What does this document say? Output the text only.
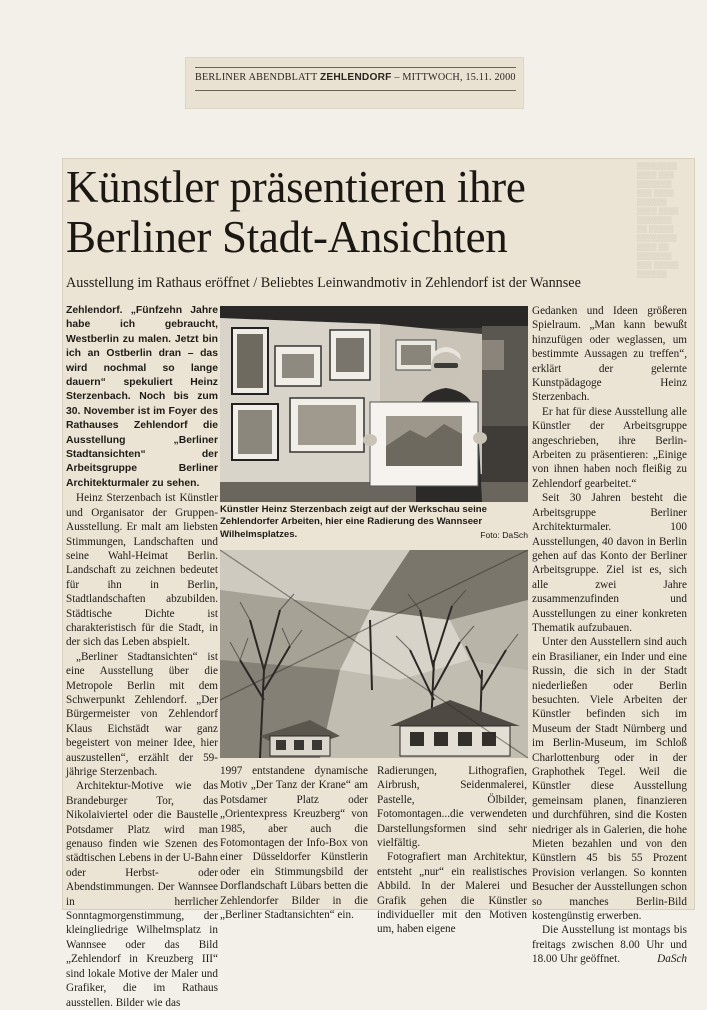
BERLINER ABENDBLATT ZEHLENDORF – MITTWOCH, 15.11. 2000
▒▒▒▒▒▒▒▒
▒▒▒▒ ▒▒▒
▒▒▒▒▒▒▒
▒▒▒ ▒▒▒▒
▒▒▒▒▒▒
▒▒▒▒ ▒▒▒▒
▒▒▒▒▒▒▒
▒▒ ▒▒▒▒▒
▒▒▒▒▒▒▒▒
▒▒▒▒ ▒▒
▒▒▒▒▒▒▒
▒▒▒ ▒▒▒▒▒
▒▒▒▒▒▒
Künstler präsentieren ihre
Berliner Stadt-Ansichten
Ausstellung im Rathaus eröffnet / Beliebtes Leinwandmotiv in Zehlendorf ist der Wannsee

Zehlendorf. „Fünfzehn Jahre habe ich gebraucht, Westberlin zu malen. Jetzt bin ich an Ostberlin dran – das wird nochmal so lange dauern“ spekuliert Heinz Sterzenbach. Noch bis zum 30. November ist im Foyer des Rathauses Zehlendorf die Ausstellung „Berliner Stadtansichten“ der Arbeitsgruppe Berliner Architekturmaler zu sehen.

Heinz Sterzenbach ist Künstler und Organisator der Gruppen-Ausstellung. Er malt am liebsten Stimmungen, Landschaften und seine Wahl-Heimat Berlin. Landschaft zu zeichnen bedeutet für ihn in Berlin, Stadtlandschaften abzubilden. Städtische Dichte ist charakteristisch für die Stadt, in der sich das Leben abspielt.

„Berliner Stadtansichten“ ist eine Ausstellung über die Metropole Berlin mit dem Schwerpunkt Zehlendorf. „Der Bürgermeister von Zehlendorf Klaus Eichstädt war ganz begeistert von meiner Idee, hier auszustellen“, erzählt der 59-jährige Sterzenbach.

Architektur-Motive wie das Brandeburger Tor, das Nikolaiviertel oder die Baustelle Potsdamer Platz wird man genauso finden wie Szenen des städtischen Lebens in der U-Bahn oder Herbst- oder Abendstimmungen. Der Wannsee in herrlicher Sonntagmorgenstimmung, der kleingliedrige Wilhelmsplatz in Wannsee oder das Bild „Zehlendorf in Kreuzberg III“ sind lokale Motive der Maler und Grafiker, die im Rathaus ausstellen. Bilder wie das

Künstler Heinz Sterzenbach zeigt auf der Werkschau seine Zehlendorfer Arbeiten, hier eine Radierung des Wannseer Wilhelmsplatzes.	Foto: DaSch

1997 entstandene dynamische Motiv „Der Tanz der Krane“ am Potsdamer Platz oder „Orientexpress Kreuzberg“ von 1985, aber auch die Fotomontagen der Info-Box von einer Düsseldorfer Künstlerin oder ein Stimmungsbild der Dorflandschaft Lübars betten die Zehlendorfer Bilder in die „Berliner Stadtansichten“ ein.

Radierungen, Lithografien, Airbrush, Seidenmalerei, Pastelle, Ölbilder, Fotomontagen...die verwendeten Darstellungsformen sind sehr vielfältig.

Fotografiert man Architektur, entsteht „nur“ ein realistisches Abbild. In der Malerei und Grafik gehen die Künstler individueller mit den Motiven um, haben eigene

Gedanken und Ideen größeren Spielraum. „Man kann bewußt hinzufügen oder weglassen, um bestimmte Aussagen zu treffen“, erklärt der gelernte Kunstpädagoge Heinz Sterzenbach.

Er hat für diese Ausstellung alle Künstler der Arbeitsgruppe angeschrieben, ihre Berlin-Arbeiten zu präsentieren: „Einige von ihnen haben noch fleißig zu Zehlendorf gearbeitet.“

Seit 30 Jahren besteht die Arbeitsgruppe Berliner Architekturmaler. 100 Ausstellungen, 40 davon in Berlin gehen auf das Konto der Berliner Arbeitsgruppe. Ziel ist es, sich alle zwei Jahre zusammenzufinden und Ausstellungen zu einer konkreten Thematik aufzubauen.

Unter den Ausstellern sind auch ein Brasilianer, ein Inder und eine Russin, die sich in der Stadt niederließen oder Berlin besuchten. Viele Arbeiten der Künstler befinden sich im Museum der Stadt Nürnberg und im Berlin-Museum, im Schloß Charlottenburg oder in der Graphothek Tegel. Weil die Künstler diese Ausstellung gemeinsam planen, finanzieren und durchführen, sind die Kosten niedriger als in Galerien, die hohe Mieten bezahlen und von den Künstlern 45 bis 55 Prozent Provision verlangen. So konnten Besucher der Ausstellungen schon so manches Berlin-Bild kostengünstig erwerben.

Die Ausstellung ist montags bis freitags zwischen 8.00 Uhr und 18.00 Uhr geöffnet.	DaSch
